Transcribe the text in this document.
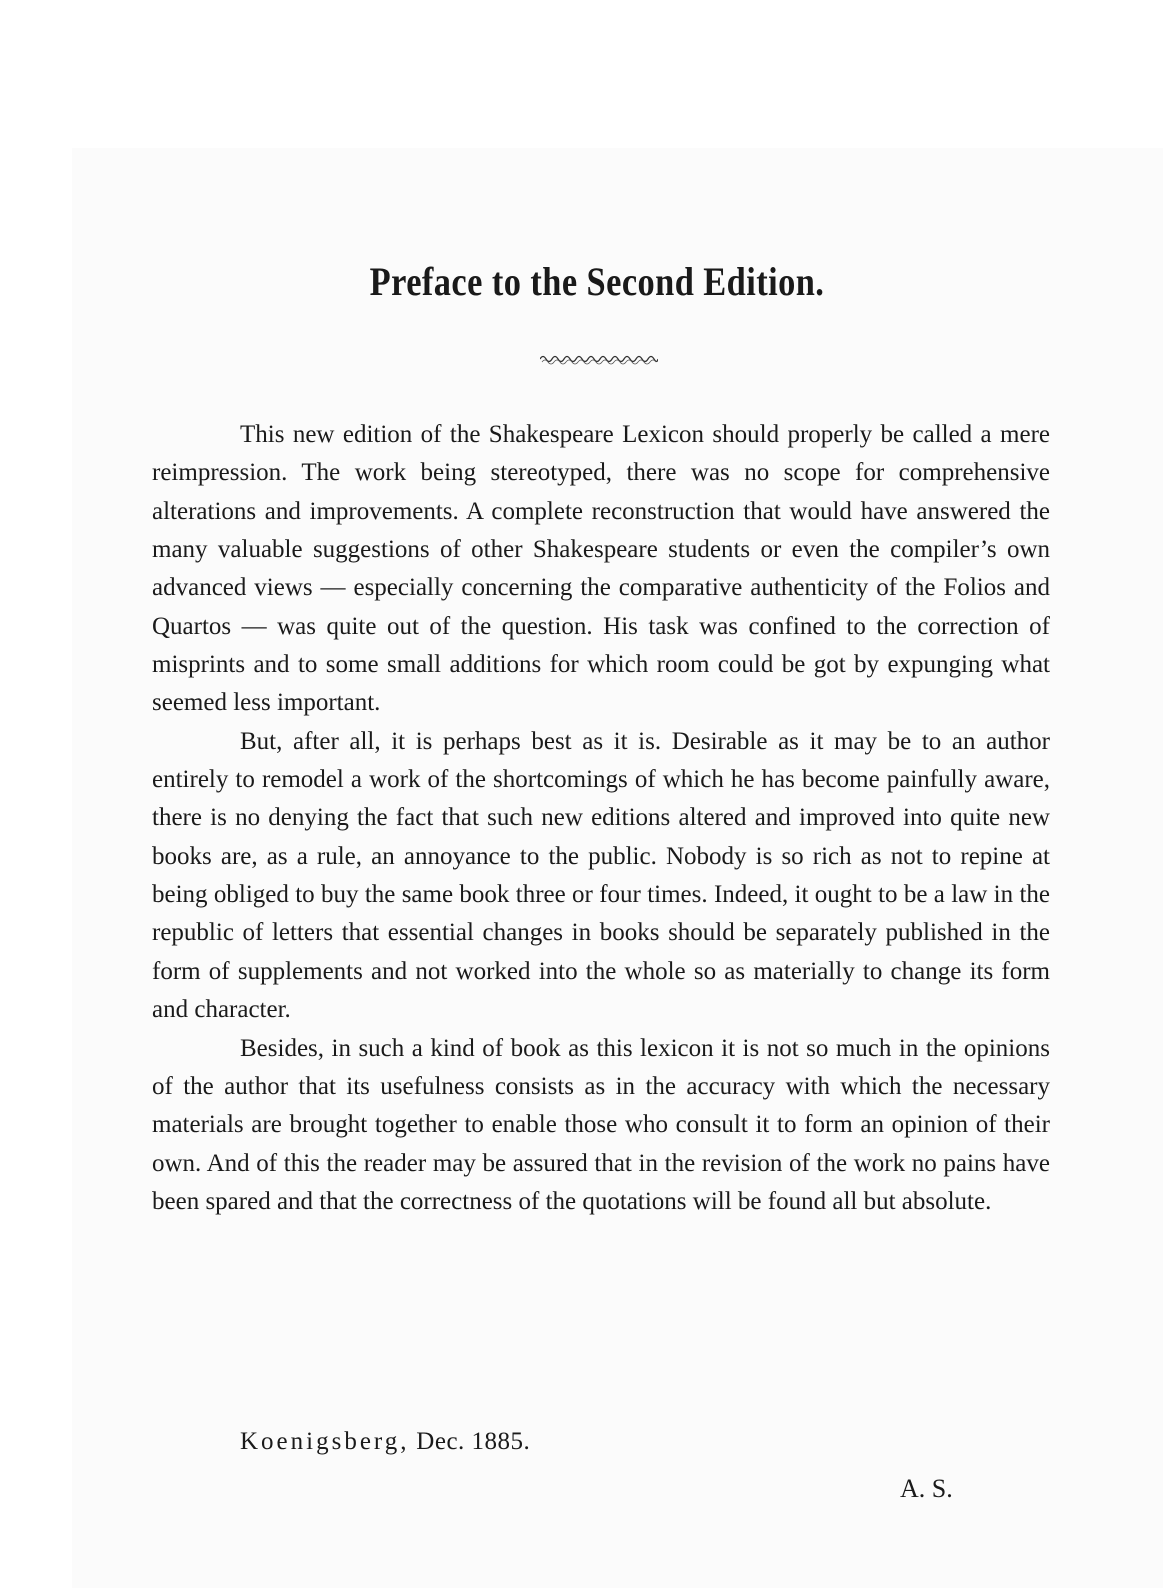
Preface to the Second Edition.

This new edition of the Shakespeare Lexicon should properly be called a mere reimpression. The work being stereotyped, there was no scope for comprehensive alterations and improvements. A complete reconstruction that would have answered the many valuable suggestions of other Shakespeare students or even the compiler’s own advanced views — especially concerning the comparative authenticity of the Folios and Quartos — was quite out of the question. His task was confined to the correction of misprints and to some small additions for which room could be got by expunging what seemed less important.

But, after all, it is perhaps best as it is. Desirable as it may be to an author entirely to remodel a work of the shortcomings of which he has become painfully aware, there is no denying the fact that such new editions altered and improved into quite new books are, as a rule, an annoyance to the public. Nobody is so rich as not to repine at being obliged to buy the same book three or four times. Indeed, it ought to be a law in the republic of letters that essential changes in books should be separately published in the form of supplements and not worked into the whole so as materially to change its form and character.

Besides, in such a kind of book as this lexicon it is not so much in the opinions of the author that its usefulness consists as in the accuracy with which the necessary materials are brought together to enable those who consult it to form an opinion of their own. And of this the reader may be assured that in the revision of the work no pains have been spared and that the correctness of the quotations will be found all but absolute.

Koenigsberg, Dec. 1885.

A. S.
